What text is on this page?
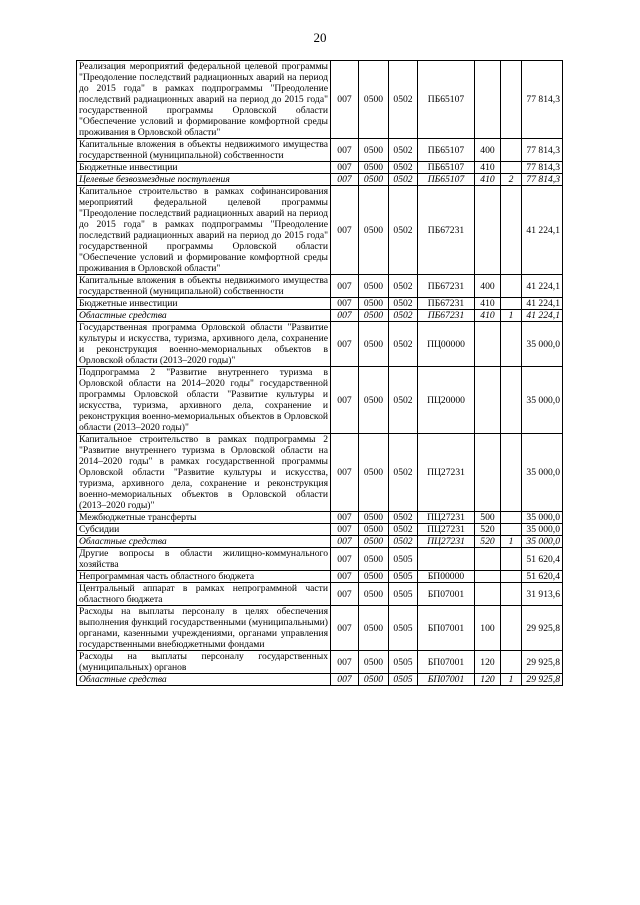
20
Реализация мероприятий федеральной целевой программы "Преодоление последствий радиационных аварий на период до 2015 года" в рамках подпрограммы "Преодоление последствий радиационных аварий на период до 2015 года" государственной программы Орловской области "Обеспечение условий и формирование комфортной среды проживания в Орловской области"	007	0500	0502	ПБ65107			77 814,3
Капитальные вложения в объекты недвижимого имущества государственной (муниципальной) собственности	007	0500	0502	ПБ65107	400		77 814,3
Бюджетные инвестиции	007	0500	0502	ПБ65107	410		77 814,3
Целевые безвозмездные поступления	007	0500	0502	ПБ65107	410	2	77 814,3
Капитальное строительство в рамках софинансирования мероприятий федеральной целевой программы "Преодоление последствий радиационных аварий на период до 2015 года" в рамках подпрограммы "Преодоление последствий радиационных аварий на период до 2015 года" государственной программы Орловской области "Обеспечение условий и формирование комфортной среды проживания в Орловской области"	007	0500	0502	ПБ67231			41 224,1
Капитальные вложения в объекты недвижимого имущества государственной (муниципальной) собственности	007	0500	0502	ПБ67231	400		41 224,1
Бюджетные инвестиции	007	0500	0502	ПБ67231	410		41 224,1
Областные средства	007	0500	0502	ПБ67231	410	1	41 224,1
Государственная программа Орловской области "Развитие культуры и искусства, туризма, архивного дела, сохранение и реконструкция военно-мемориальных объектов в Орловской области (2013–2020 годы)"	007	0500	0502	ПЦ00000			35 000,0
Подпрограмма 2 "Развитие внутреннего туризма в Орловской области на 2014–2020 годы" государственной программы Орловской области "Развитие культуры и искусства, туризма, архивного дела, сохранение и реконструкция военно-мемориальных объектов в Орловской области (2013–2020 годы)"	007	0500	0502	ПЦ20000			35 000,0
Капитальное строительство в рамках подпрограммы 2 "Развитие внутреннего туризма в Орловской области на 2014–2020 годы" в рамках государственной программы Орловской области "Развитие культуры и искусства, туризма, архивного дела, сохранение и реконструкция военно-мемориальных объектов в Орловской области (2013–2020 годы)"	007	0500	0502	ПЦ27231			35 000,0
Межбюджетные трансферты	007	0500	0502	ПЦ27231	500		35 000,0
Субсидии	007	0500	0502	ПЦ27231	520		35 000,0
Областные средства	007	0500	0502	ПЦ27231	520	1	35 000,0
Другие вопросы в области жилищно-коммунального хозяйства	007	0500	0505				51 620,4
Непрограммная часть областного бюджета	007	0500	0505	БП00000			51 620,4
Центральный аппарат в рамках непрограммной части областного бюджета	007	0500	0505	БП07001			31 913,6
Расходы на выплаты персоналу в целях обеспечения выполнения функций государственными (муниципальными) органами, казенными учреждениями, органами управления государственными внебюджетными фондами	007	0500	0505	БП07001	100		29 925,8
Расходы на выплаты персоналу государственных (муниципальных) органов	007	0500	0505	БП07001	120		29 925,8
Областные средства	007	0500	0505	БП07001	120	1	29 925,8
